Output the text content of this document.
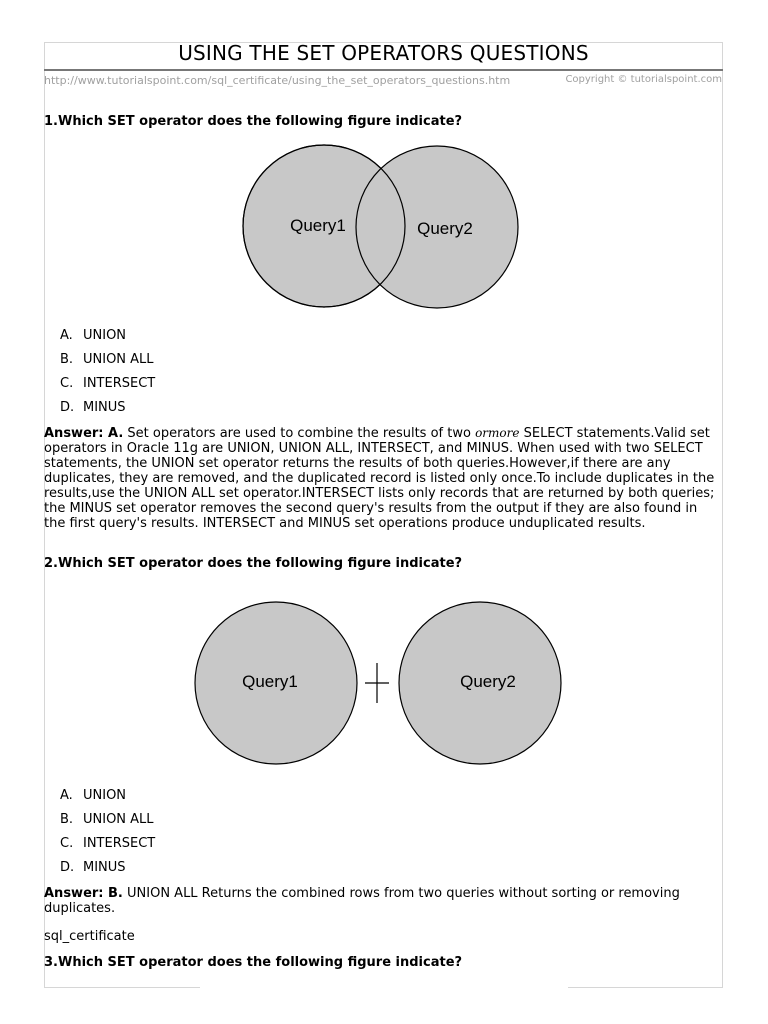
USING THE SET OPERATORS QUESTIONS
http://www.tutorialspoint.com/sql_certificate/using_the_set_operators_questions.htm	Copyright © tutorialspoint.com
1.Which SET operator does the following figure indicate?
Query1	Query2
A. UNION
B. UNION ALL
C. INTERSECT
D. MINUS
Answer: A. Set operators are used to combine the results of two ormore SELECT statements.Valid set operators in Oracle 11g are UNION, UNION ALL, INTERSECT, and MINUS. When used with two SELECT statements, the UNION set operator returns the results of both queries.However,if there are any duplicates, they are removed, and the duplicated record is listed only once.To include duplicates in the results,use the UNION ALL set operator.INTERSECT lists only records that are returned by both queries; the MINUS set operator removes the second query's results from the output if they are also found in the first query's results. INTERSECT and MINUS set operations produce unduplicated results.
2.Which SET operator does the following figure indicate?
Query1	Query2
A. UNION
B. UNION ALL
C. INTERSECT
D. MINUS
Answer: B. UNION ALL Returns the combined rows from two queries without sorting or removing duplicates.
sql_certificate
3.Which SET operator does the following figure indicate?
